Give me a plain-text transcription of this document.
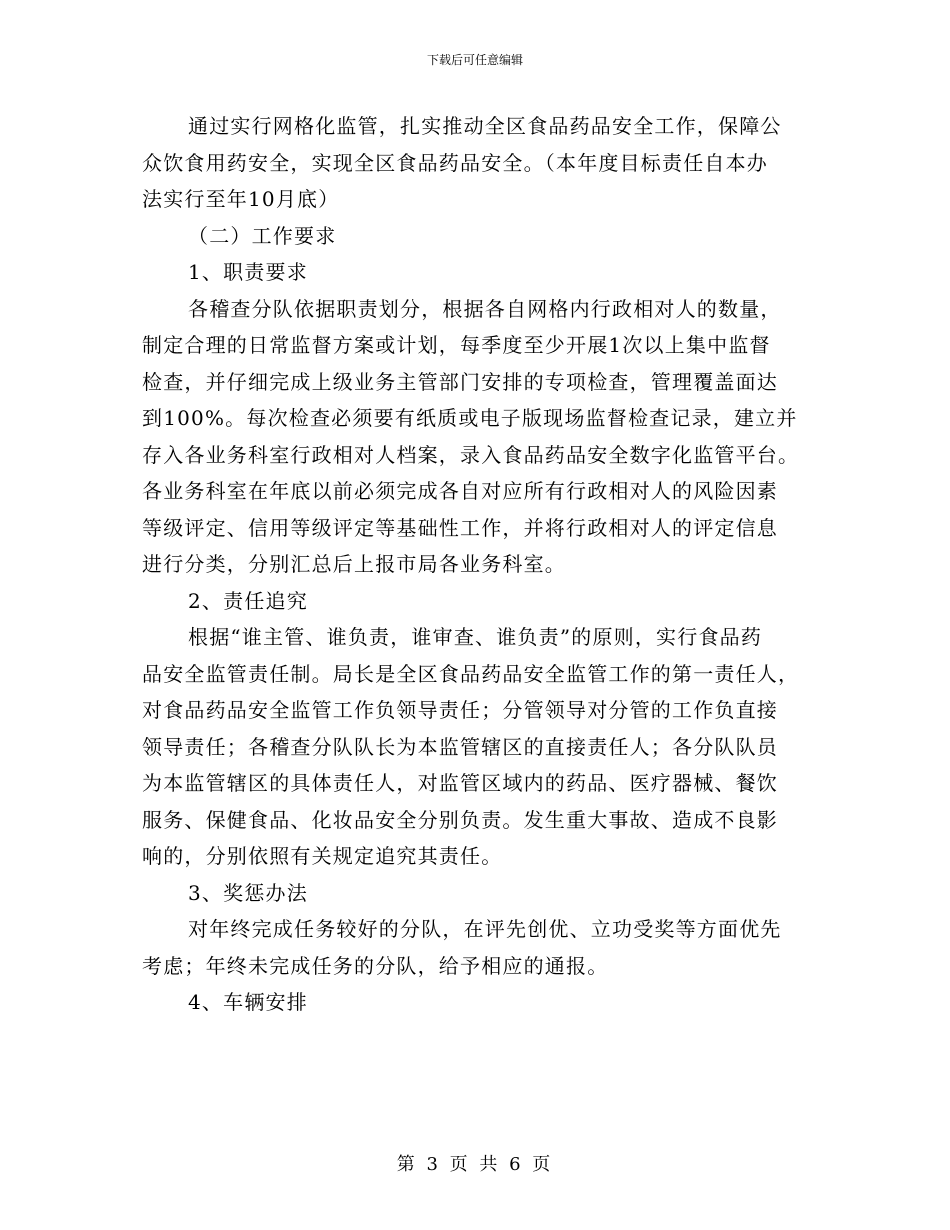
下载后可任意编辑
通过实行网格化监管，扎实推动全区食品药品安全工作，保障公
众饮食用药安全，实现全区食品药品安全。（本年度目标责任自本办
法实行至年10月底）
（二）工作要求
1、职责要求
各稽查分队依据职责划分，根据各自网格内行政相对人的数量，
制定合理的日常监督方案或计划，每季度至少开展1次以上集中监督
检查，并仔细完成上级业务主管部门安排的专项检查，管理覆盖面达
到100%。每次检查必须要有纸质或电子版现场监督检查记录，建立并
存入各业务科室行政相对人档案，录入食品药品安全数字化监管平台。
各业务科室在年底以前必须完成各自对应所有行政相对人的风险因素
等级评定、信用等级评定等基础性工作，并将行政相对人的评定信息
进行分类，分别汇总后上报市局各业务科室。
2、责任追究
根据“谁主管、谁负责，谁审查、谁负责”的原则，实行食品药
品安全监管责任制。局长是全区食品药品安全监管工作的第一责任人，
对食品药品安全监管工作负领导责任；分管领导对分管的工作负直接
领导责任；各稽查分队队长为本监管辖区的直接责任人；各分队队员
为本监管辖区的具体责任人，对监管区域内的药品、医疗器械、餐饮
服务、保健食品、化妆品安全分别负责。发生重大事故、造成不良影
响的，分别依照有关规定追究其责任。
3、奖惩办法
对年终完成任务较好的分队，在评先创优、立功受奖等方面优先
考虑；年终未完成任务的分队，给予相应的通报。
4、车辆安排
第 3 页 共 6 页
